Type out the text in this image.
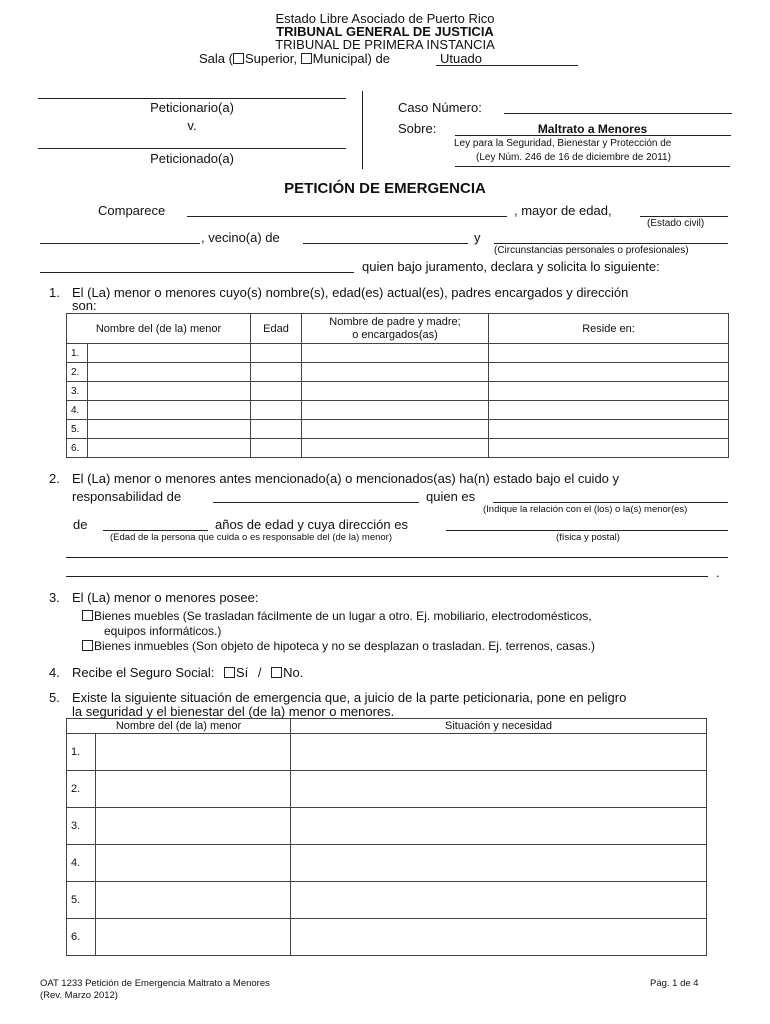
Estado Libre Asociado de Puerto Rico
TRIBUNAL GENERAL DE JUSTICIA
TRIBUNAL DE PRIMERA INSTANCIA
Sala ( Superior, Municipal) de	Utuado
Peticionario(a)
v.
Peticionado(a)
Caso Número:
Sobre:	Maltrato a Menores
Ley para la Seguridad, Bienestar y Protección de
(Ley Núm. 246 de 16 de diciembre de 2011)
PETICIÓN DE EMERGENCIA
Comparece	, mayor de edad,
(Estado civil)
, vecino(a) de	y
(Circunstancias personales o profesionales)
quien bajo juramento, declara y solicita lo siguiente:
1. El (La) menor o menores cuyo(s) nombre(s), edad(es) actual(es), padres encargados y dirección
son:
Nombre del (de la) menor	Edad	Nombre de padre y madre;
o encargados(as)	Reside en:
1.

2.

3.

4.

5.

6.

2. El (La) menor o menores antes mencionado(a) o mencionados(as) ha(n) estado bajo el cuido y
responsabilidad de	quien es
(Indique la relación con el (los) o la(s) menor(es)
de	años de edad y cuya dirección es
(Edad de la persona que cuida o es responsable del (de la) menor)	(física y postal)
.
3. El (La) menor o menores posee:
Bienes muebles (Se trasladan fácilmente de un lugar a otro. Ej. mobiliario, electrodomésticos,
equipos informáticos.)
Bienes inmuebles (Son objeto de hipoteca y no se desplazan o trasladan. Ej. terrenos, casas.)
4. Recibe el Seguro Social: Sí / No.
5. Existe la siguiente situación de emergencia que, a juicio de la parte peticionaria, pone en peligro
la seguridad y el bienestar del (de la) menor o menores.
Nombre del (de la) menor		Situación y necesidad
1.		
2.		
3.		
4.		
5.		
6.		
OAT 1233 Petición de Emergencia Maltrato a Menores
(Rev. Marzo 2012)
Pág. 1 de 4
